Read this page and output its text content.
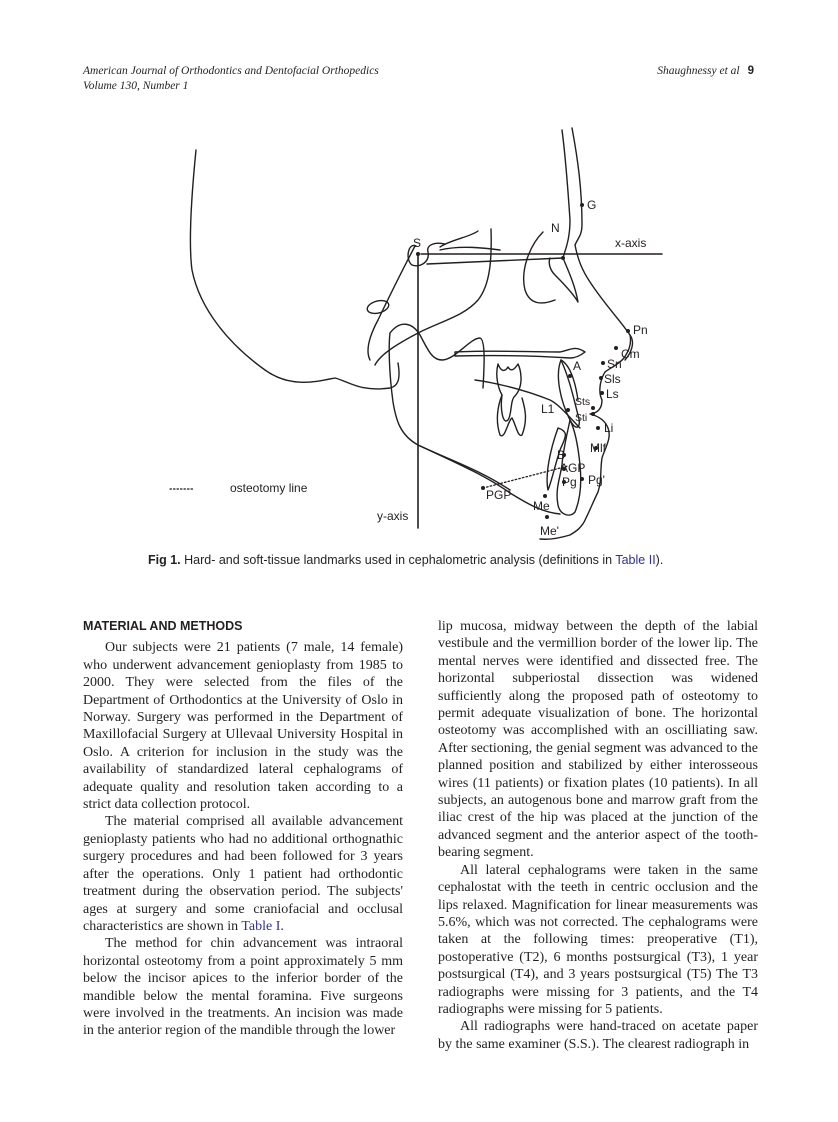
American Journal of Orthodontics and Dentofacial Orthopedics
Volume 130, Number 1
Shaughnessy et al 9
G
N
S	x-axis
Pn
Cm
Sn
A
Sls
Ls
Sts
Sti
L1
Li
Mlf
B
AGP
Pg Pg'
PGP
Me
Me'
y-axis
osteotomy line
Fig 1. Hard- and soft-tissue landmarks used in cephalometric analysis (definitions in Table II).
MATERIAL AND METHODS

Our subjects were 21 patients (7 male, 14 female) who underwent advancement genioplasty from 1985 to 2000. They were selected from the files of the Department of Orthodontics at the University of Oslo in Norway. Surgery was performed in the Department of Maxillofacial Surgery at Ullevaal University Hospital in Oslo. A criterion for inclusion in the study was the availability of standardized lateral cephalograms of adequate quality and resolution taken according to a strict data collection protocol.

The material comprised all available advancement genioplasty patients who had no additional orthognathic surgery procedures and had been followed for 3 years after the operations. Only 1 patient had orthodontic treatment during the observation period. The subjects' ages at surgery and some craniofacial and occlusal characteristics are shown in Table I.

The method for chin advancement was intraoral horizontal osteotomy from a point approximately 5 mm below the incisor apices to the inferior border of the mandible below the mental foramina. Five surgeons were involved in the treatments. An incision was made in the anterior region of the mandible through the lower

lip mucosa, midway between the depth of the labial vestibule and the vermillion border of the lower lip. The mental nerves were identified and dissected free. The horizontal subperiostal dissection was widened sufficiently along the proposed path of osteotomy to permit adequate visualization of bone. The horizontal osteotomy was accomplished with an oscilliating saw. After sectioning, the genial segment was advanced to the planned position and stabilized by either interosseous wires (11 patients) or fixation plates (10 patients). In all subjects, an autogenous bone and marrow graft from the iliac crest of the hip was placed at the junction of the advanced segment and the anterior aspect of the tooth-bearing segment.

All lateral cephalograms were taken in the same cephalostat with the teeth in centric occlusion and the lips relaxed. Magnification for linear measurements was 5.6%, which was not corrected. The cephalograms were taken at the following times: preoperative (T1), postoperative (T2), 6 months postsurgical (T3), 1 year postsurgical (T4), and 3 years postsurgical (T5) The T3 radiographs were missing for 3 patients, and the T4 radiographs were missing for 5 patients.

All radiographs were hand-traced on acetate paper by the same examiner (S.S.). The clearest radiograph in
